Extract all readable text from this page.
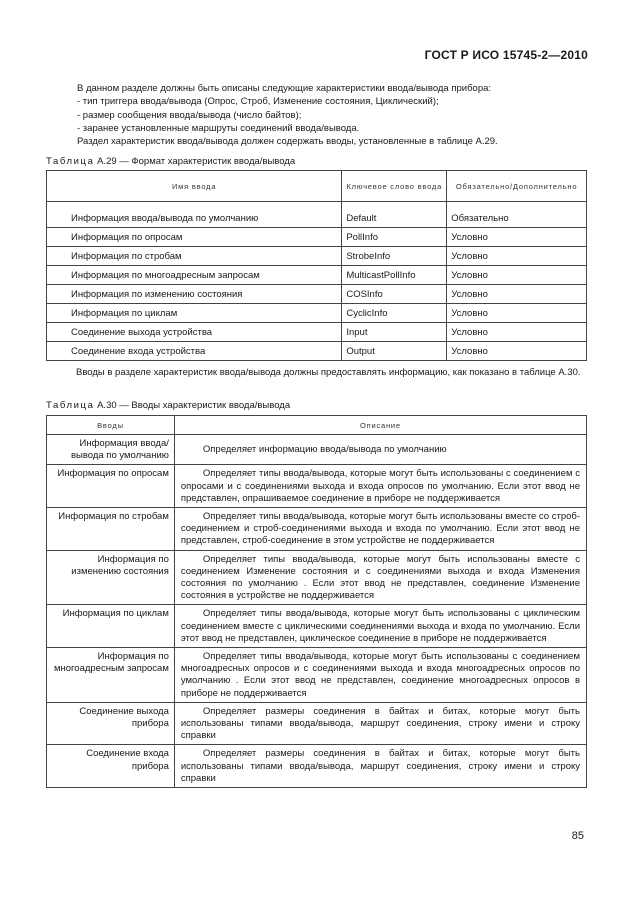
ГОСТ Р ИСО 15745-2—2010

В данном разделе должны быть описаны следующие характеристики ввода/вывода прибора:

- тип триггера ввода/вывода (Опрос, Строб, Изменение состояния, Циклический);

- размер сообщения ввода/вывода (число байтов);

- заранее установленные маршруты соединений ввода/вывода.

Раздел характеристик ввода/вывода должен содержать вводы, установленные в таблице А.29.

Таблица А.29 — Формат характеристик ввода/вывода
Имя ввода	Ключевое слово ввода	Обязательно/Дополнительно
Информация ввода/вывода по умолчанию	Default	Обязательно
Информация по опросам	PollInfo	Условно
Информация по стробам	StrobeInfo	Условно
Информация по многоадресным запросам	MulticastPollInfo	Условно
Информация по изменению состояния	COSInfo	Условно
Информация по циклам	CyclicInfo	Условно
Соединение выхода устройства	Input	Условно
Соединение входа устройства	Output	Условно
Вводы в разделе характеристик ввода/вывода должны предоставлять информацию, как показано в таблице А.30.
Таблица А.30 — Вводы характеристик ввода/вывода
Вводы	Описание
Информация ввода/вывода по умолчанию	Определяет информацию ввода/вывода по умолчанию
Информация по опросам	Определяет типы ввода/вывода, которые могут быть использованы с соединением с опросами и с соединениями выхода и входа опросов по умолчанию. Если этот ввод не представлен, опрашиваемое соединение в приборе не поддерживается
Информация по стробам	Определяет типы ввода/вывода, которые могут быть использованы вместе со строб-соединением и строб-соединениями выхода и входа по умолчанию. Если этот ввод не представлен, строб-соединение в этом устройстве не поддерживается
Информация по изменению состояния	Определяет типы ввода/вывода, которые могут быть использованы вместе с соединением Изменение состояния и с соединениями выхода и входа Изменения состояния по умолчанию . Если этот ввод не представлен, соединение Изменение состояния в устройстве не поддерживается
Информация по циклам	Определяет типы ввода/вывода, которые могут быть использованы с циклическим соединением вместе с циклическими соединениями выхода и входа по умолчанию. Если этот ввод не представлен, циклическое соединение в приборе не поддерживается
Информация по многоадресным запросам	Определяет типы ввода/вывода, которые могут быть использованы с соединением многоадресных опросов и с соединениями выхода и входа многоадресных опросов по умолчанию . Если этот ввод не представлен, соединение многоадресных опросов в приборе не поддерживается
Соединение выхода прибора	Определяет размеры соединения в байтах и битах, которые могут быть использованы типами ввода/вывода, маршрут соединения, строку имени и строку справки
Соединение входа прибора	Определяет размеры соединения в байтах и битах, которые могут быть использованы типами ввода/вывода, маршрут соединения, строку имени и строку справки
85
